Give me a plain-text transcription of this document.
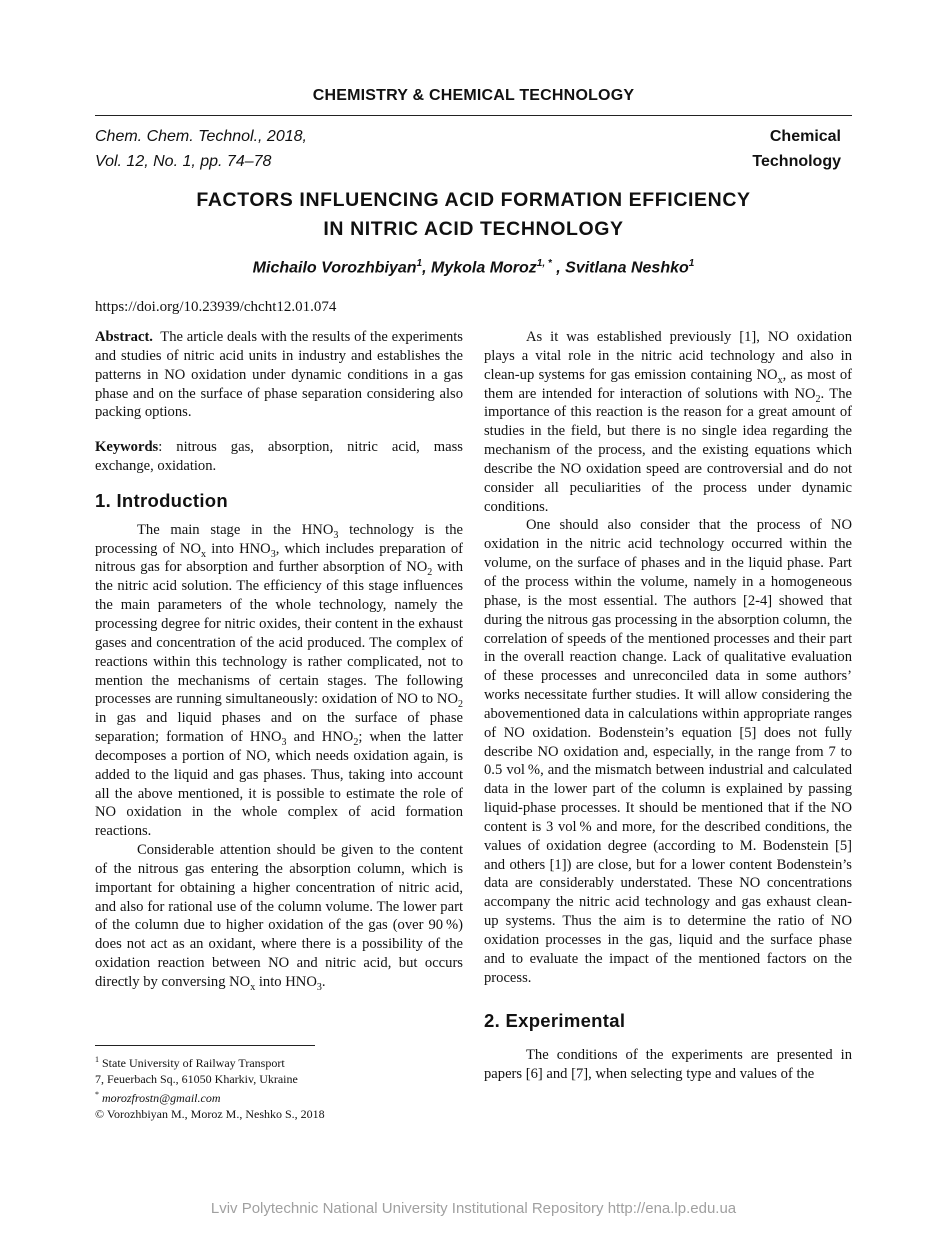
CHEMISTRY & CHEMICAL TECHNOLOGY
Chem. Chem. Technol., 2018,
Vol. 12, No. 1, pp. 74–78
Chemical
Technology
FACTORS INFLUENCING ACID FORMATION EFFICIENCY
IN NITRIC ACID TECHNOLOGY
Michailo Vorozhbiyan$^1$, Mykola Moroz$^{1, *}$ , Svitlana Neshko$^1$
https://doi.org/10.23939/chcht12.01.074

Abstract. The article deals with the results of the experiments and studies of nitric acid units in industry and establishes the patterns in NO oxidation under dynamic conditions in a gas phase and on the surface of phase separation considering also packing options.

Keywords: nitrous gas, absorption, nitric acid, mass exchange, oxidation.

1. Introduction

The main stage in the $HNO_3$ technology is the processing of $NO_x$ into $HNO_3$, which includes preparation of nitrous gas for absorption and further absorption of $NO_2$ with the nitric acid solution. The efficiency of this stage influences the main parameters of the whole technology, namely the processing degree for nitric oxides, their content in the exhaust gases and concentration of the acid produced. The complex of reactions within this technology is rather complicated, not to mention the mechanisms of certain stages. The following processes are running simultaneously: oxidation of NO to $NO_2$ in gas and liquid phases and on the surface of phase separation; formation of $HNO_3$ and $HNO_2$; when the latter decomposes a portion of NO, which needs oxidation again, is added to the liquid and gas phases. Thus, taking into account all the above mentioned, it is possible to estimate the role of NO oxidation in the whole complex of acid formation reactions.

Considerable attention should be given to the content of the nitrous gas entering the absorption column, which is important for obtaining a higher concentration of nitric acid, and also for rational use of the column volume. The lower part of the column due to higher oxidation of the gas (over 90 %) does not act as an oxidant, where there is a possibility of the oxidation reaction between NO and nitric acid, but occurs directly by conversing $NO_x$ into $HNO_3$.

As it was established previously [1], NO oxidation plays a vital role in the nitric acid technology and also in clean-up systems for gas emission containing $NO_x$, as most of them are intended for interaction of solutions with $NO_2$. The importance of this reaction is the reason for a great amount of studies in the field, but there is no single idea regarding the mechanism of the process, and the existing equations which describe the NO oxidation speed are controversial and do not consider all peculiarities of the process under dynamic conditions.

One should also consider that the process of NO oxidation in the nitric acid technology occurred within the volume, on the surface of phases and in the liquid phase. Part of the process within the volume, namely in a homogeneous phase, is the most essential. The authors [2-4] showed that during the nitrous gas processing in the absorption column, the correlation of speeds of the mentioned processes and their part in the overall reaction change. Lack of qualitative evaluation of these processes and unreconciled data in some authors’ works necessitate further studies. It will allow considering the abovementioned data in calculations within appropriate ranges of NO oxidation. Bodenstein’s equation [5] does not fully describe NO oxidation and, especially, in the range from 7 to 0.5 vol %, and the mismatch between industrial and calculated data in the lower part of the column is explained by passing liquid-phase processes. It should be mentioned that if the NO content is 3 vol % and more, for the described conditions, the values of oxidation degree (according to M. Bodenstein [5] and others [1]) are close, but for a lower content Bodenstein’s data are considerably understated. These NO concentrations accompany the nitric acid technology and gas exhaust clean-up systems. Thus the aim is to determine the ratio of NO oxidation processes in the gas, liquid and the surface phase and to evaluate the impact of the mentioned factors on the process.

2. Experimental

The conditions of the experiments are presented in papers [6] and [7], when selecting type and values of the

$^1$ State University of Railway Transport
7, Feuerbach Sq., 61050 Kharkiv, Ukraine
* morozfrostn@gmail.com
© Vorozhbiyan M., Moroz M., Neshko S., 2018
Lviv Polytechnic National University Institutional Repository http://ena.lp.edu.ua
